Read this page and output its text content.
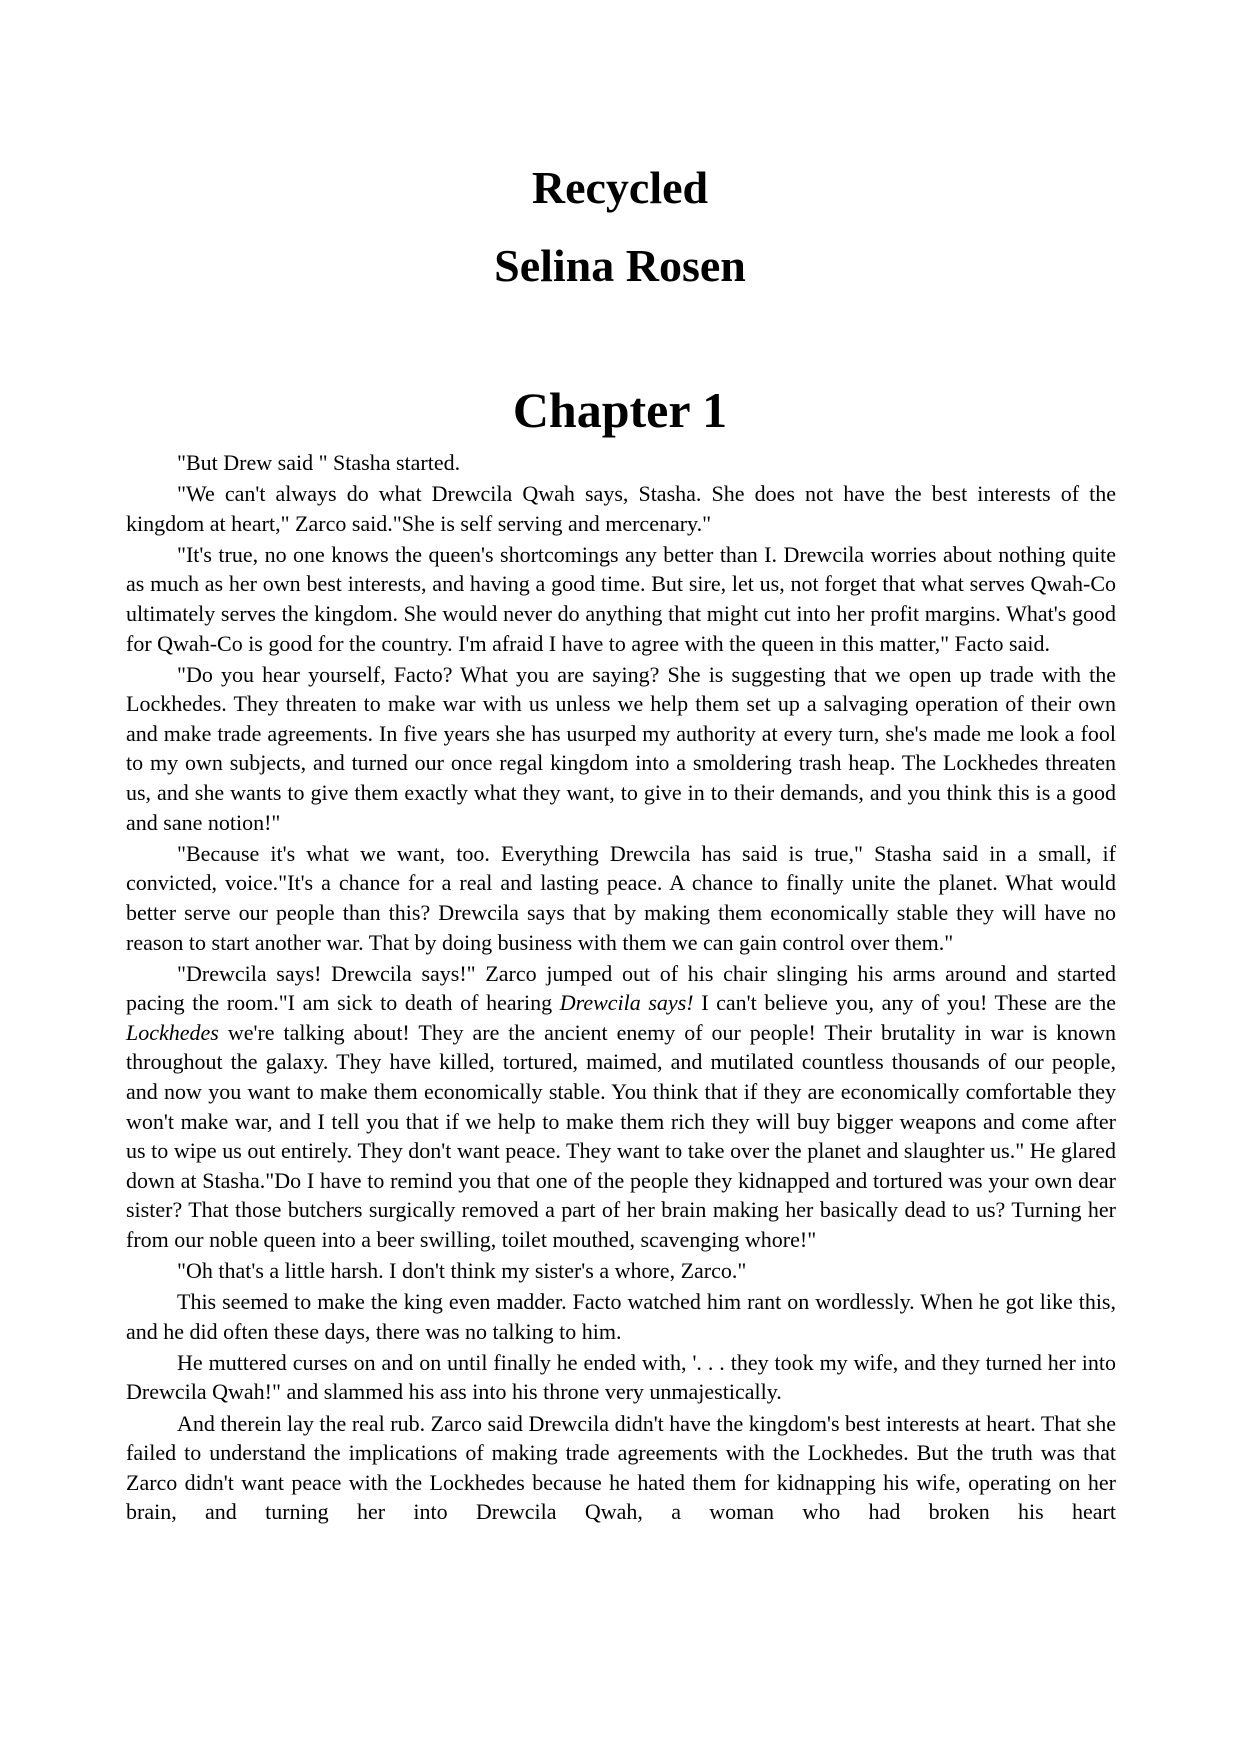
Recycled
Selina Rosen
Chapter 1

"But Drew said " Stasha started.

"We can't always do what Drewcila Qwah says, Stasha. She does not have the best interests of the kingdom at heart," Zarco said."She is self serving and mercenary."

"It's true, no one knows the queen's shortcomings any better than I. Drewcila worries about nothing quite as much as her own best interests, and having a good time. But sire, let us, not forget that what serves Qwah-Co ultimately serves the kingdom. She would never do anything that might cut into her profit margins. What's good for Qwah-Co is good for the country. I'm afraid I have to agree with the queen in this matter," Facto said.

"Do you hear yourself, Facto? What you are saying? She is suggesting that we open up trade with the Lockhedes. They threaten to make war with us unless we help them set up a salvaging operation of their own and make trade agreements. In five years she has usurped my authority at every turn, she's made me look a fool to my own subjects, and turned our once regal kingdom into a smoldering trash heap. The Lockhedes threaten us, and she wants to give them exactly what they want, to give in to their demands, and you think this is a good and sane notion!"

"Because it's what we want, too. Everything Drewcila has said is true," Stasha said in a small, if convicted, voice."It's a chance for a real and lasting peace. A chance to finally unite the planet. What would better serve our people than this? Drewcila says that by making them economically stable they will have no reason to start another war. That by doing business with them we can gain control over them."

"Drewcila says! Drewcila says!" Zarco jumped out of his chair slinging his arms around and started pacing the room."I am sick to death of hearing Drewcila says! I can't believe you, any of you! These are the Lockhedes we're talking about! They are the ancient enemy of our people! Their brutality in war is known throughout the galaxy. They have killed, tortured, maimed, and mutilated countless thousands of our people, and now you want to make them economically stable. You think that if they are economically comfortable they won't make war, and I tell you that if we help to make them rich they will buy bigger weapons and come after us to wipe us out entirely. They don't want peace. They want to take over the planet and slaughter us." He glared down at Stasha."Do I have to remind you that one of the people they kidnapped and tortured was your own dear sister? That those butchers surgically removed a part of her brain making her basically dead to us? Turning her from our noble queen into a beer swilling, toilet mouthed, scavenging whore!"

"Oh that's a little harsh. I don't think my sister's a whore, Zarco."

This seemed to make the king even madder. Facto watched him rant on wordlessly. When he got like this, and he did often these days, there was no talking to him.

He muttered curses on and on until finally he ended with, '. . . they took my wife, and they turned her into Drewcila Qwah!" and slammed his ass into his throne very unmajestically.

And therein lay the real rub. Zarco said Drewcila didn't have the kingdom's best interests at heart. That she failed to understand the implications of making trade agreements with the Lockhedes. But the truth was that Zarco didn't want peace with the Lockhedes because he hated them for kidnapping his wife, operating on her brain, and turning her into Drewcila Qwah, a woman who had broken his heart
